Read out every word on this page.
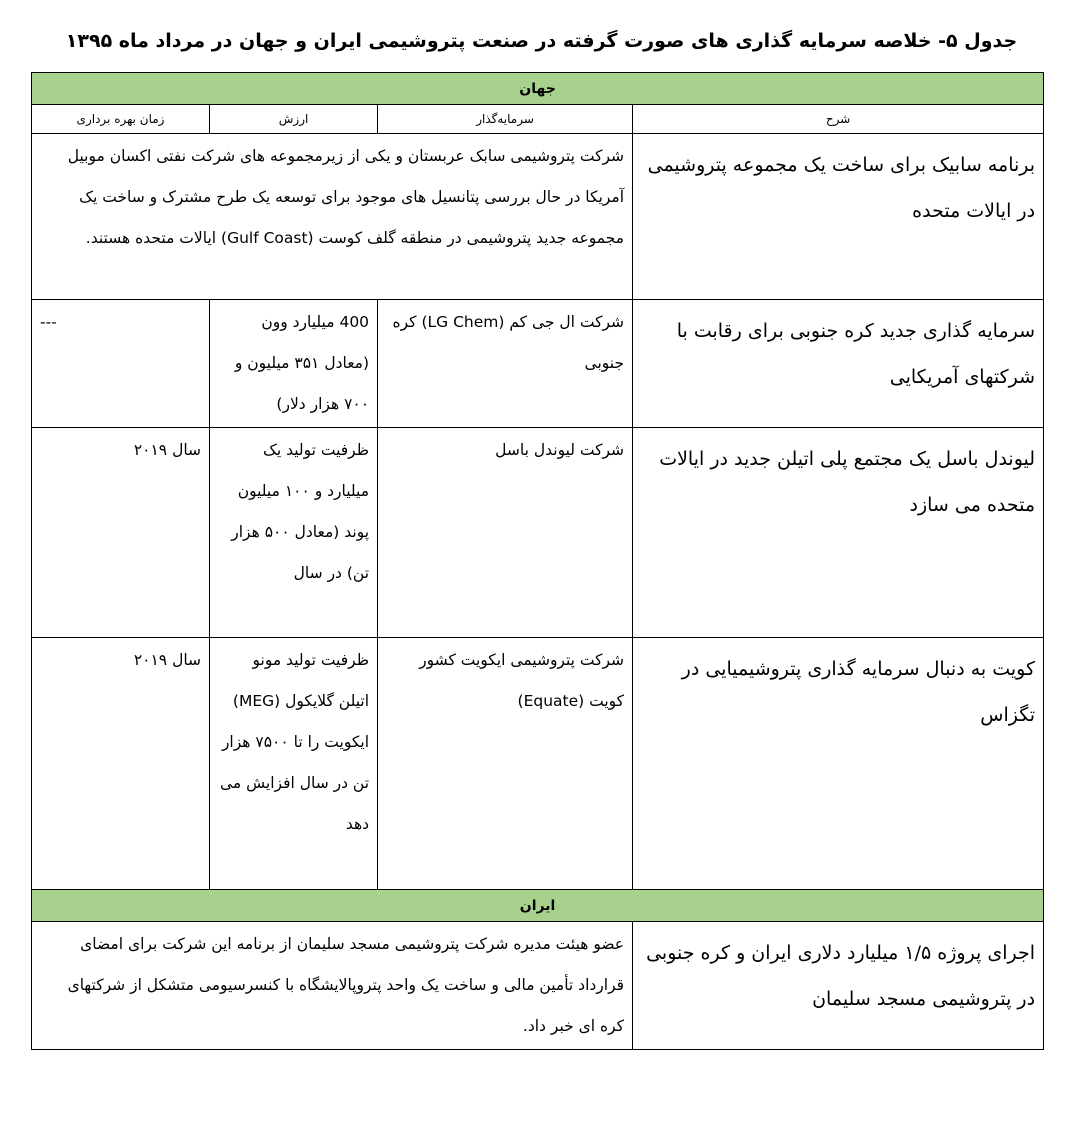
جدول ۵- خلاصه سرمایه گذاری های صورت گرفته در صنعت پتروشیمی ایران و جهان در مرداد ماه ۱۳۹۵
جهان			
شرح	سرمایه‌گذار	ارزش	زمان بهره برداری
برنامه سابیک برای ساخت یک مجموعه پتروشیمی در ایالات متحده	شرکت پتروشیمی سابک عربستان و یکی از زیرمجموعه های شرکت نفتی اکسان موبیل آمریکا در حال بررسی پتانسیل های موجود برای توسعه یک طرح مشترک و ساخت یک مجموعه جدید پتروشیمی در منطقه گلف کوست (Gulf Coast) ایالات متحده هستند.		
سرمایه گذاری جدید کره جنوبی برای رقابت با شرکتهای آمریکایی	شرکت ال جی کم (LG Chem) کره جنوبی	400 میلیارد وون (معادل ۳۵۱ میلیون و ۷۰۰ هزار دلار)	---
لیوندل باسل یک مجتمع پلی اتیلن جدید در ایالات متحده می سازد	شرکت لیوندل باسل	ظرفیت تولید یک میلیارد و ۱۰۰ میلیون پوند (معادل ۵۰۰ هزار تن) در سال	سال ۲۰۱۹
کویت به دنبال سرمایه گذاری پتروشیمیایی در تگزاس	شرکت پتروشیمی ایکویت کشور کویت (Equate)	ظرفیت تولید مونو اتیلن گلایکول (MEG) ایکویت را تا ۷۵۰۰ هزار تن در سال افزایش می دهد	سال ۲۰۱۹
ایران			
اجرای پروژه ۱/۵ میلیارد دلاری ایران و کره جنوبی در پتروشیمی مسجد سلیمان	عضو هیئت مدیره شرکت پتروشیمی مسجد سلیمان از برنامه این شرکت برای امضای قرارداد تأمین مالی و ساخت یک واحد پتروپالایشگاه با کنسرسیومی متشکل از شرکتهای کره ای خبر داد.		
